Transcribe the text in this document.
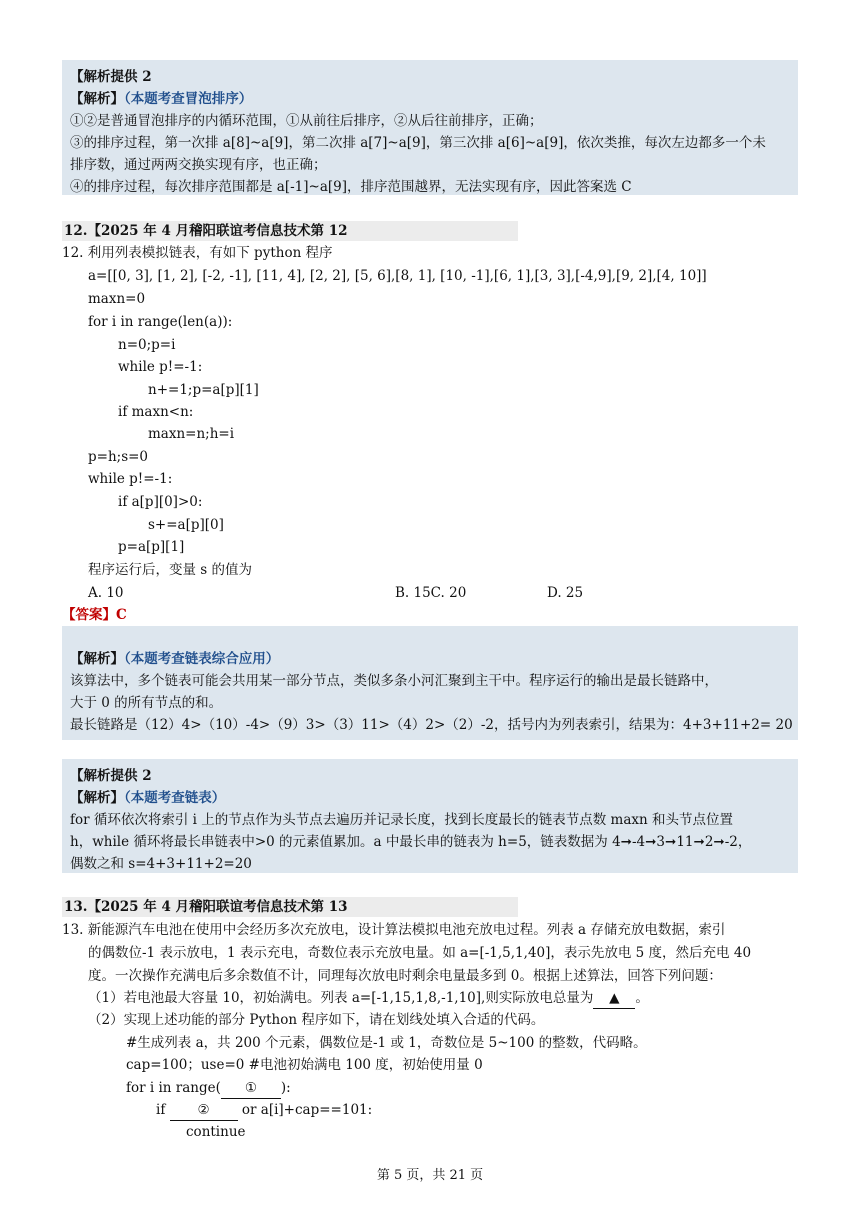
【解析提供 2
【解析】（本题考查冒泡排序）
①②是普通冒泡排序的内循环范围，①从前往后排序，②从后往前排序，正确；
③的排序过程，第一次排 a[8]~a[9]，第二次排 a[7]~a[9]，第三次排 a[6]~a[9]，依次类推，每次左边都多一个未
排序数，通过两两交换实现有序，也正确；
④的排序过程，每次排序范围都是 a[-1]~a[9]，排序范围越界，无法实现有序，因此答案选 C
12.【2025 年 4 月稽阳联谊考信息技术第 12
12. 利用列表模拟链表，有如下 python 程序
a=[[0, 3], [1, 2], [-2, -1], [11, 4], [2, 2], [5, 6],[8, 1], [10, -1],[6, 1],[3, 3],[-4,9],[9, 2],[4, 10]]
maxn=0
for i in range(len(a)):
n=0;p=i
while p!=-1:
n+=1;p=a[p][1]
if maxn<n:
maxn=n;h=i
p=h;s=0
while p!=-1:
if a[p][0]>0:
s+=a[p][0]
p=a[p][1]
程序运行后，变量 s 的值为
A. 10	B. 15C. 20	D. 25
【答案】C
【解析】（本题考查链表综合应用）
该算法中，多个链表可能会共用某一部分节点，类似多条小河汇聚到主干中。程序运行的输出是最长链路中，
大于 0 的所有节点的和。
最长链路是（12）4>（10）-4>（9）3>（3）11>（4）2>（2）-2，括号内为列表索引，结果为：4+3+11+2= 20
【解析提供 2
【解析】（本题考查链表）
for 循环依次将索引 i 上的节点作为头节点去遍历并记录长度，找到长度最长的链表节点数 maxn 和头节点位置
h，while 循环将最长串链表中>0 的元素值累加。a 中最长串的链表为 h=5，链表数据为 4➞-4➞3➞11➞2➞-2，
偶数之和 s=4+3+11+2=20
13.【2025 年 4 月稽阳联谊考信息技术第 13
13. 新能源汽车电池在使用中会经历多次充放电，设计算法模拟电池充放电过程。列表 a 存储充放电数据，索引
的偶数位-1 表示放电，1 表示充电，奇数位表示充放电量。如 a=[-1,5,1,40]，表示先放电 5 度，然后充电 40
度。一次操作充满电后多余数值不计，同理每次放电时剩余电量最多到 0。根据上述算法，回答下列问题：
（1）若电池最大容量 10，初始满电。列表 a=[-1,15,1,8,-1,10],则实际放电总量为 ▲ 。
（2）实现上述功能的部分 Python 程序如下，请在划线处填入合适的代码。
#生成列表 a，共 200 个元素，偶数位是-1 或 1，奇数位是 5~100 的整数，代码略。
cap=100；use=0 #电池初始满电 100 度，初始使用量 0
for i in range( ① ):
if ② or a[i]+cap==101:
continue
第 5 页，共 21 页
